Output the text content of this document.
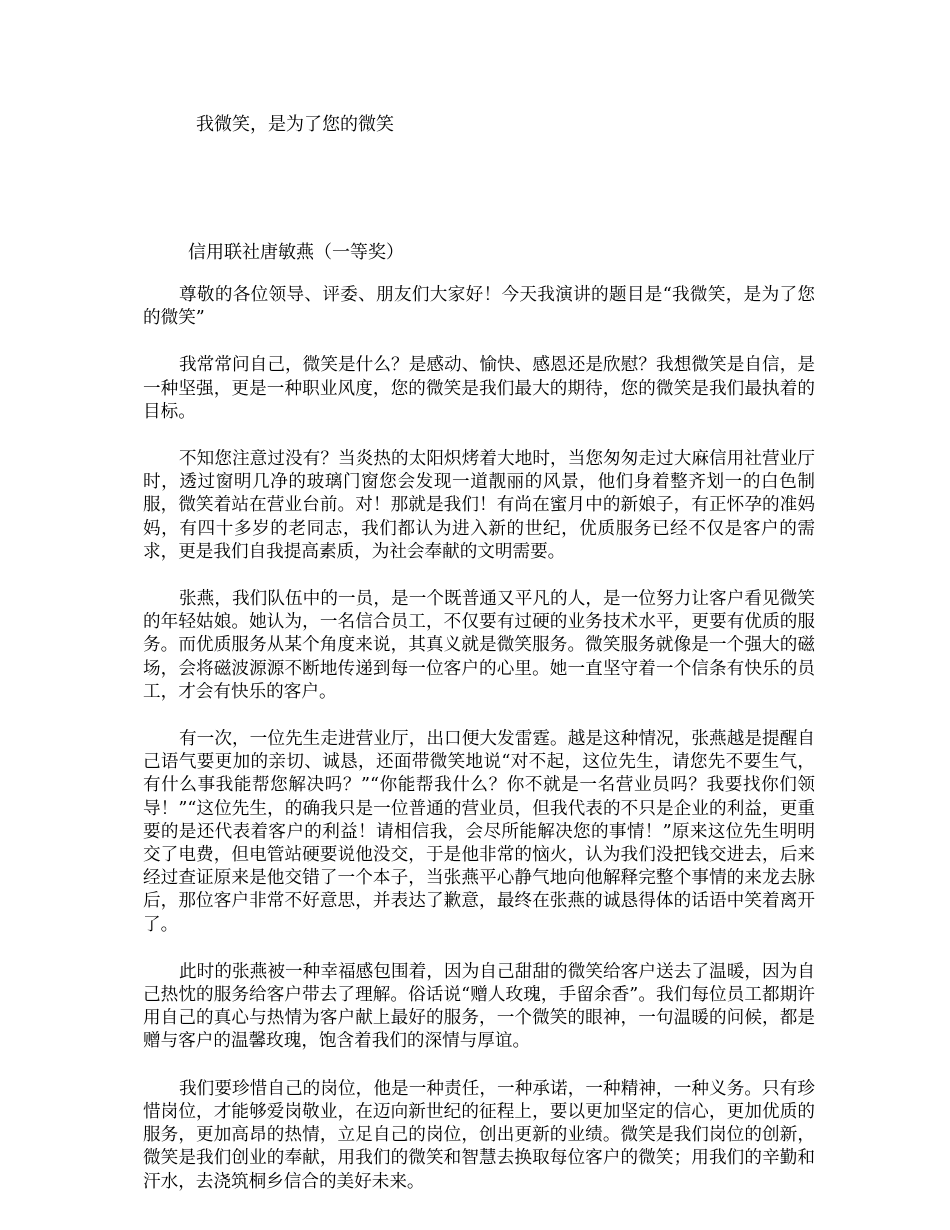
我微笑，是为了您的微笑
信用联社唐敏燕（一等奖）

尊敬的各位领导、评委、朋友们大家好！今天我演讲的题目是“我微笑，是为了您的微笑”

我常常问自己，微笑是什么？是感动、愉快、感恩还是欣慰？我想微笑是自信，是一种坚强，更是一种职业风度，您的微笑是我们最大的期待，您的微笑是我们最执着的目标。

不知您注意过没有？当炎热的太阳炽烤着大地时，当您匆匆走过大麻信用社营业厅时，透过窗明几净的玻璃门窗您会发现一道靓丽的风景，他们身着整齐划一的白色制服，微笑着站在营业台前。对！那就是我们！有尚在蜜月中的新娘子，有正怀孕的准妈妈，有四十多岁的老同志，我们都认为进入新的世纪，优质服务已经不仅是客户的需求，更是我们自我提高素质，为社会奉献的文明需要。

张燕，我们队伍中的一员，是一个既普通又平凡的人，是一位努力让客户看见微笑的年轻姑娘。她认为，一名信合员工，不仅要有过硬的业务技术水平，更要有优质的服务。而优质服务从某个角度来说，其真义就是微笑服务。微笑服务就像是一个强大的磁场，会将磁波源源不断地传递到每一位客户的心里。她一直坚守着一个信条有快乐的员工，才会有快乐的客户。

有一次，一位先生走进营业厅，出口便大发雷霆。越是这种情况，张燕越是提醒自己语气要更加的亲切、诚恳，还面带微笑地说“对不起，这位先生，请您先不要生气，有什么事我能帮您解决吗？”“你能帮我什么？你不就是一名营业员吗？我要找你们领导！”“这位先生，的确我只是一位普通的营业员，但我代表的不只是企业的利益，更重要的是还代表着客户的利益！请相信我，会尽所能解决您的事情！”原来这位先生明明交了电费，但电管站硬要说他没交，于是他非常的恼火，认为我们没把钱交进去，后来经过查证原来是他交错了一个本子，当张燕平心静气地向他解释完整个事情的来龙去脉后，那位客户非常不好意思，并表达了歉意，最终在张燕的诚恳得体的话语中笑着离开了。

此时的张燕被一种幸福感包围着，因为自己甜甜的微笑给客户送去了温暖，因为自己热忱的服务给客户带去了理解。俗话说“赠人玫瑰，手留余香”。我们每位员工都期许用自己的真心与热情为客户献上最好的服务，一个微笑的眼神，一句温暖的问候，都是赠与客户的温馨玫瑰，饱含着我们的深情与厚谊。

我们要珍惜自己的岗位，他是一种责任，一种承诺，一种精神，一种义务。只有珍惜岗位，才能够爱岗敬业，在迈向新世纪的征程上，要以更加坚定的信心，更加优质的服务，更加高昂的热情，立足自己的岗位，创出更新的业绩。微笑是我们岗位的创新，微笑是我们创业的奉献，用我们的微笑和智慧去换取每位客户的微笑；用我们的辛勤和汗水，去浇筑桐乡信合的美好未来。
